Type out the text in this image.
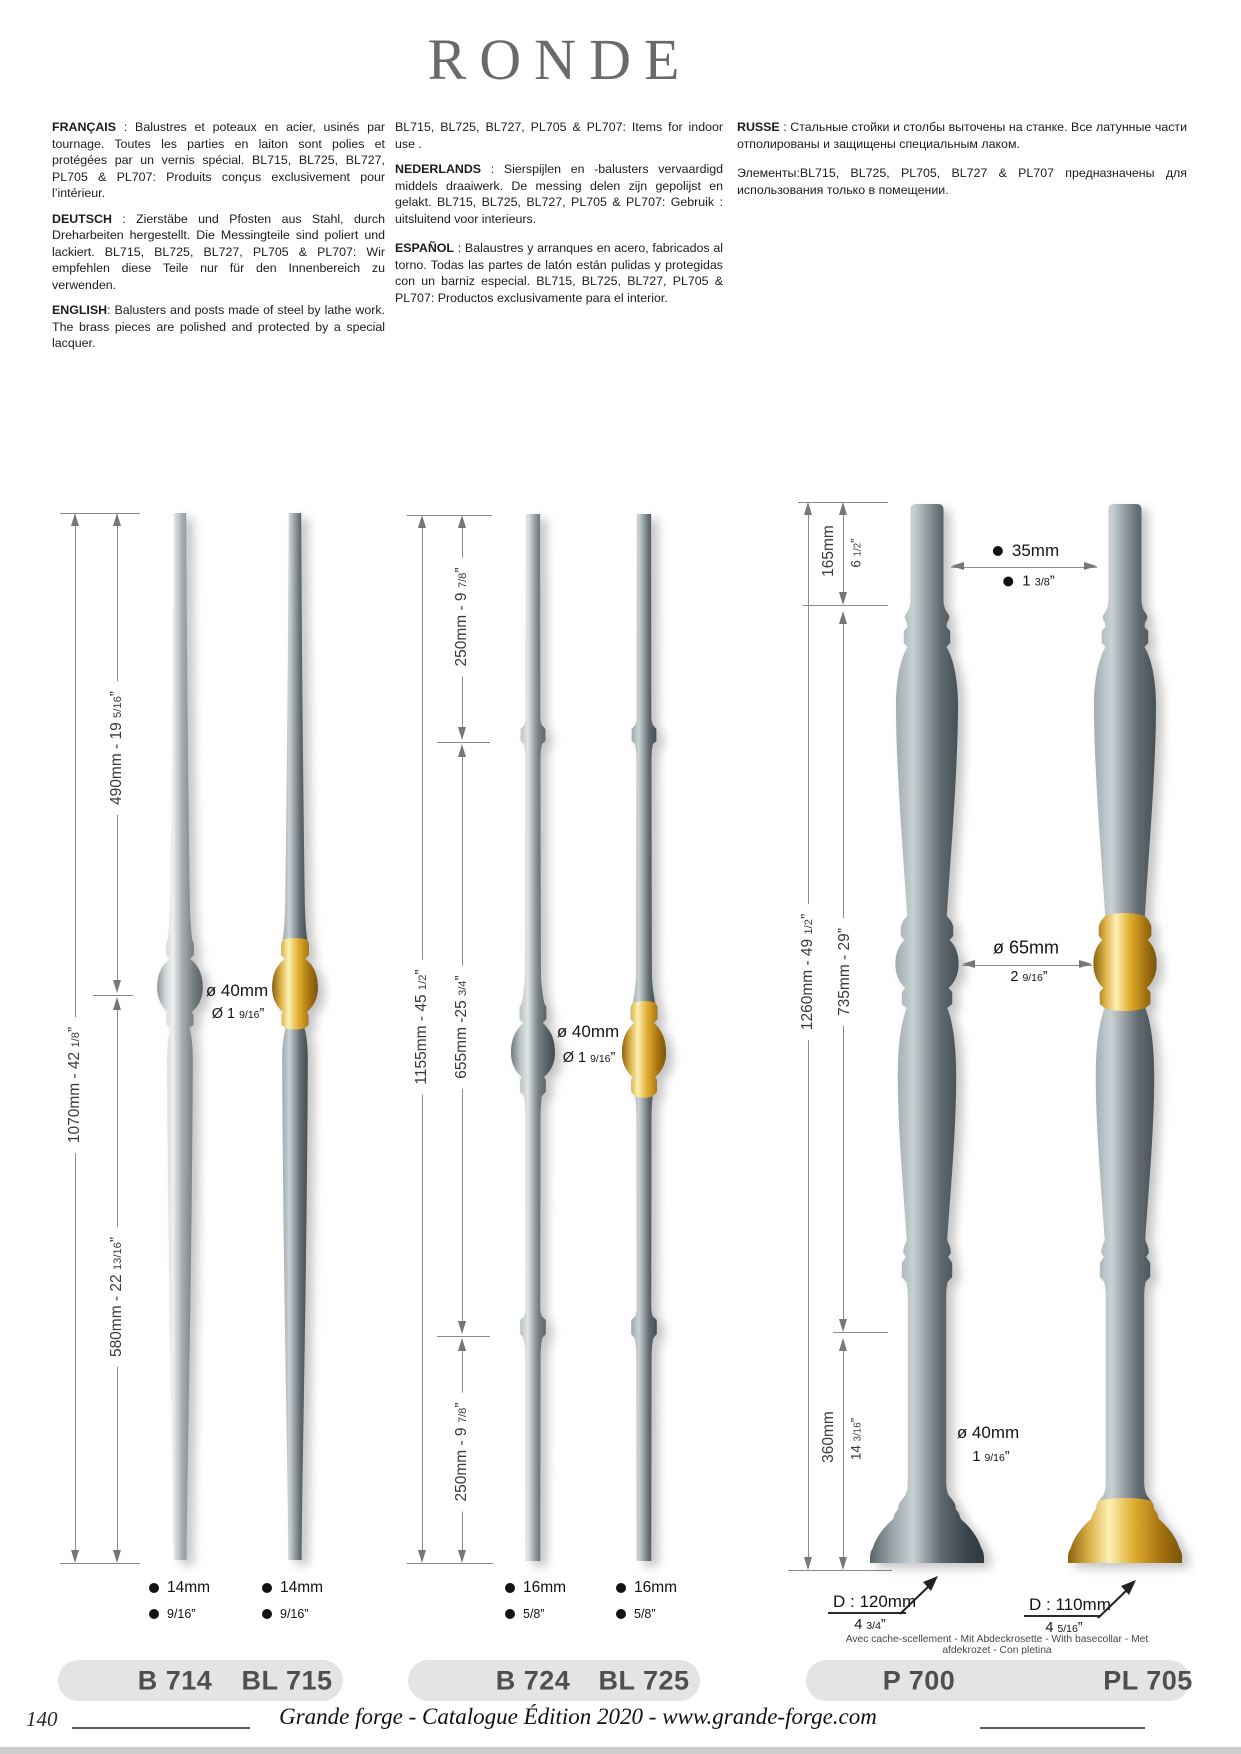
RONDE

FRANÇAIS : Balustres et poteaux en acier, usinés par tournage. Toutes les parties en laiton sont polies et protégées par un vernis spécial. BL715, BL725, BL727, PL705 & PL707: Produits conçus exclusivement pour l’intérieur.

DEUTSCH : Zierstäbe und Pfosten aus Stahl, durch Dreharbeiten hergestellt. Die Messingteile sind poliert und lackiert. BL715, BL725, BL727, PL705 & PL707: Wir empfehlen diese Teile nur für den Innenbereich zu verwenden.

ENGLISH: Balusters and posts made of steel by lathe work. The brass pieces are polished and protected by a special lacquer.

BL715, BL725, BL727, PL705 & PL707: Items for indoor use .

NEDERLANDS : Sierspijlen en -balusters vervaardigd middels draaiwerk. De messing delen zijn gepolijst en gelakt. BL715, BL725, BL727, PL705 & PL707: Gebruik : uitsluitend voor interieurs.

ESPAÑOL : Balaustres y arranques en acero, fabricados al torno. Todas las partes de latón están pulidas y protegidas con un barniz especial. BL715, BL725, BL727, PL705 & PL707: Productos exclusivamente para el interior.

RUSSE : Стальные стойки и столбы выточены на станке. Все латунные части отполированы и защищены специальным лаком.

Элементы:BL715, BL725, PL705, BL727 & PL707 предназначены для использования только в помещении.

1070mm - 42 1/8”
490mm - 19 5/16”
580mm - 22 13/16”
ø 40mm
Ø 1 9/16”
14mm
9/16”
14mm
9/16”
1155mm - 45 1/2”
250mm - 9 7/8”
655mm -25 3/4”
250mm - 9 7/8”
ø 40mm
Ø 1 9/16”
16mm
5/8”
16mm
5/8”
1260mm - 49 1/2”
735mm - 29”
165mm 6 1/2”
360mm 14 3/16”
35mm
1 3/8”
ø 65mm
2 9/16”
ø 40mm
1 9/16”
D : 120mm
4 3/4”
D : 110mm
4 5/16”
Avec cache-scellement - Mit Abdeckrosette - With basecollar - Met afdekrozet - Con pletina
B 714 BL 715	B 724 BL 725	P 700	PL 705
140	Grande forge - Catalogue Édition 2020 - www.grande-forge.com
